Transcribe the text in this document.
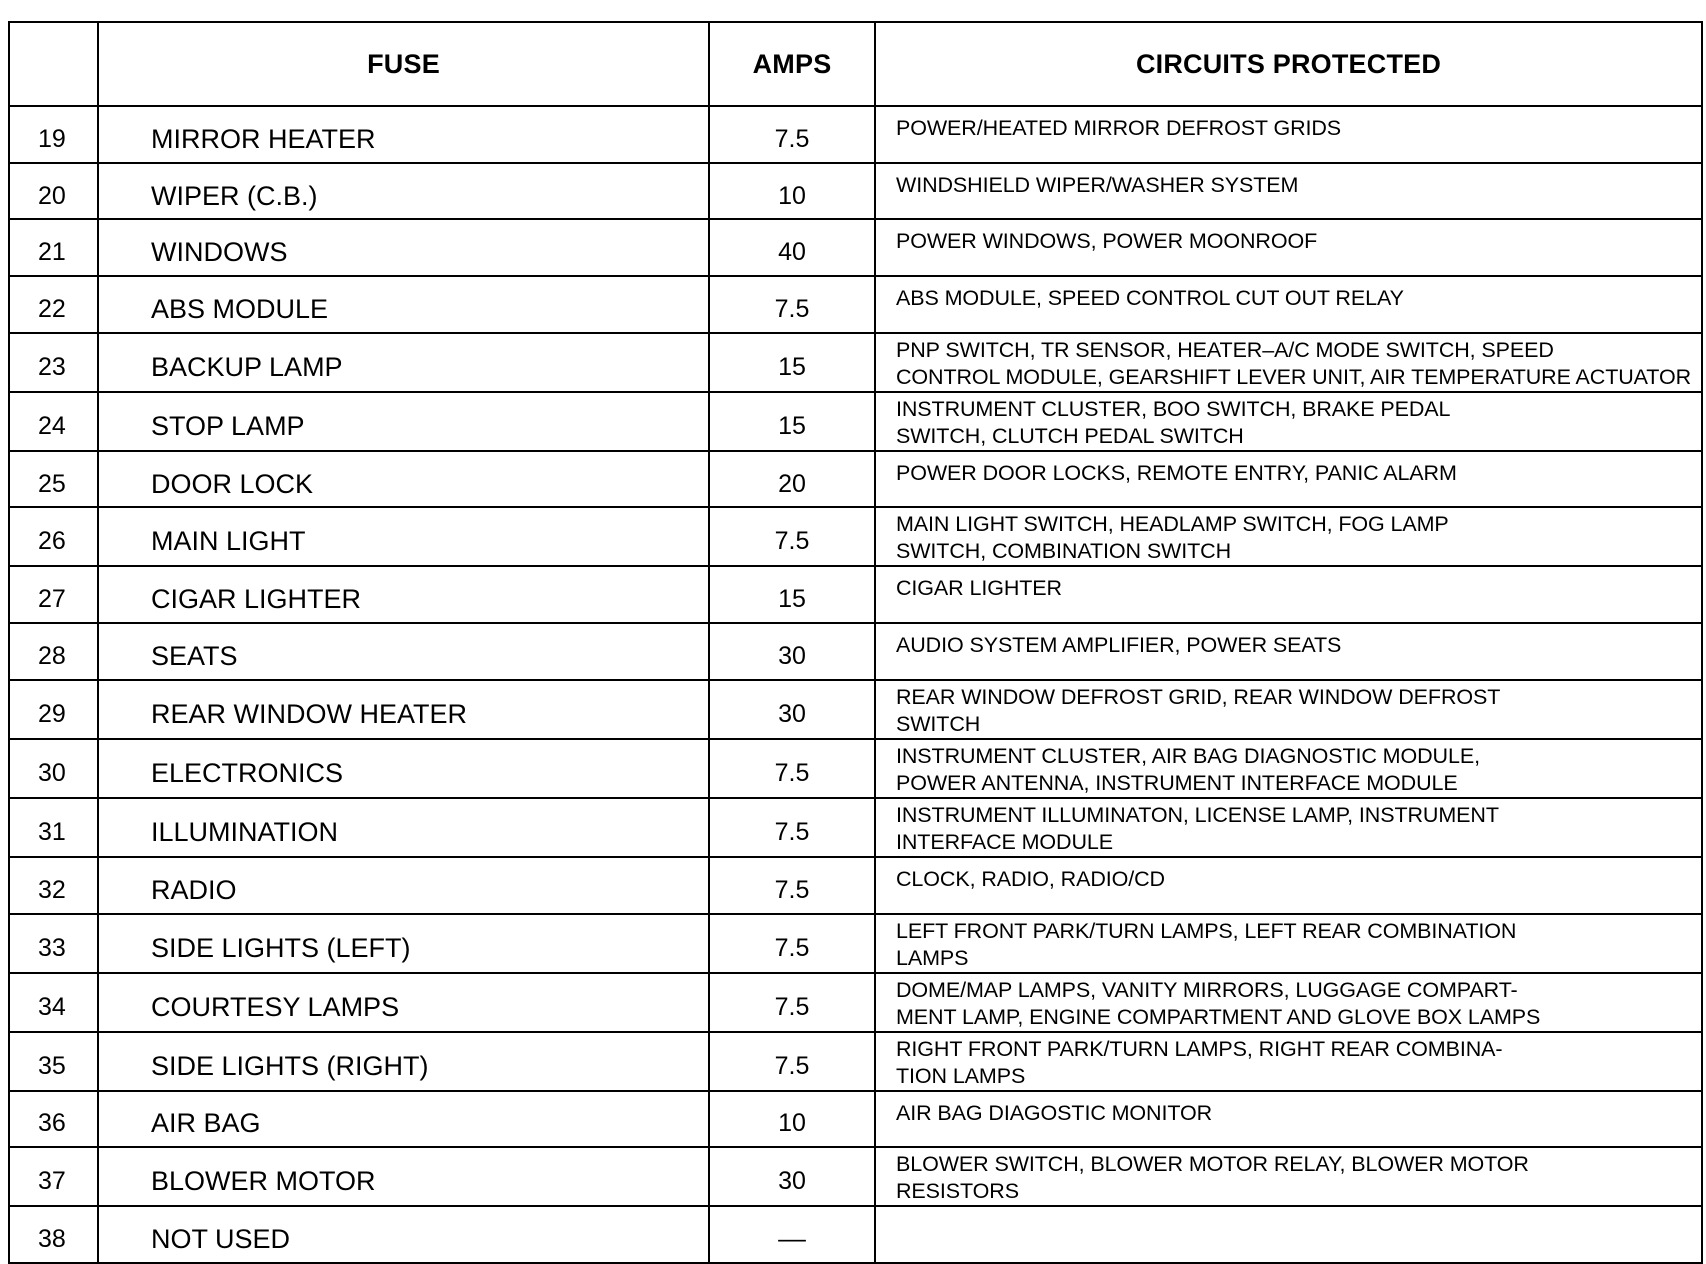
	FUSE	AMPS	CIRCUITS PROTECTED
19	MIRROR HEATER	7.5	POWER/HEATED MIRROR DEFROST GRIDS
20	WIPER (C.B.)	10	WINDSHIELD WIPER/WASHER SYSTEM
21	WINDOWS	40	POWER WINDOWS, POWER MOONROOF
22	ABS MODULE	7.5	ABS MODULE, SPEED CONTROL CUT OUT RELAY
23	BACKUP LAMP	15	PNP SWITCH, TR SENSOR, HEATER–A/C MODE SWITCH, SPEED
CONTROL MODULE, GEARSHIFT LEVER UNIT, AIR TEMPERATURE ACTUATOR
24	STOP LAMP	15	INSTRUMENT CLUSTER, BOO SWITCH, BRAKE PEDAL
SWITCH, CLUTCH PEDAL SWITCH
25	DOOR LOCK	20	POWER DOOR LOCKS, REMOTE ENTRY, PANIC ALARM
26	MAIN LIGHT	7.5	MAIN LIGHT SWITCH, HEADLAMP SWITCH, FOG LAMP
SWITCH, COMBINATION SWITCH
27	CIGAR LIGHTER	15	CIGAR LIGHTER
28	SEATS	30	AUDIO SYSTEM AMPLIFIER, POWER SEATS
29	REAR WINDOW HEATER	30	REAR WINDOW DEFROST GRID, REAR WINDOW DEFROST
SWITCH
30	ELECTRONICS	7.5	INSTRUMENT CLUSTER, AIR BAG DIAGNOSTIC MODULE,
POWER ANTENNA, INSTRUMENT INTERFACE MODULE
31	ILLUMINATION	7.5	INSTRUMENT ILLUMINATON, LICENSE LAMP, INSTRUMENT
INTERFACE MODULE
32	RADIO	7.5	CLOCK, RADIO, RADIO/CD
33	SIDE LIGHTS (LEFT)	7.5	LEFT FRONT PARK/TURN LAMPS, LEFT REAR COMBINATION
LAMPS
34	COURTESY LAMPS	7.5	DOME/MAP LAMPS, VANITY MIRRORS, LUGGAGE COMPART-
MENT LAMP, ENGINE COMPARTMENT AND GLOVE BOX LAMPS
35	SIDE LIGHTS (RIGHT)	7.5	RIGHT FRONT PARK/TURN LAMPS, RIGHT REAR COMBINA-
TION LAMPS
36	AIR BAG	10	AIR BAG DIAGOSTIC MONITOR
37	BLOWER MOTOR	30	BLOWER SWITCH, BLOWER MOTOR RELAY, BLOWER MOTOR
RESISTORS
38	NOT USED	––	
